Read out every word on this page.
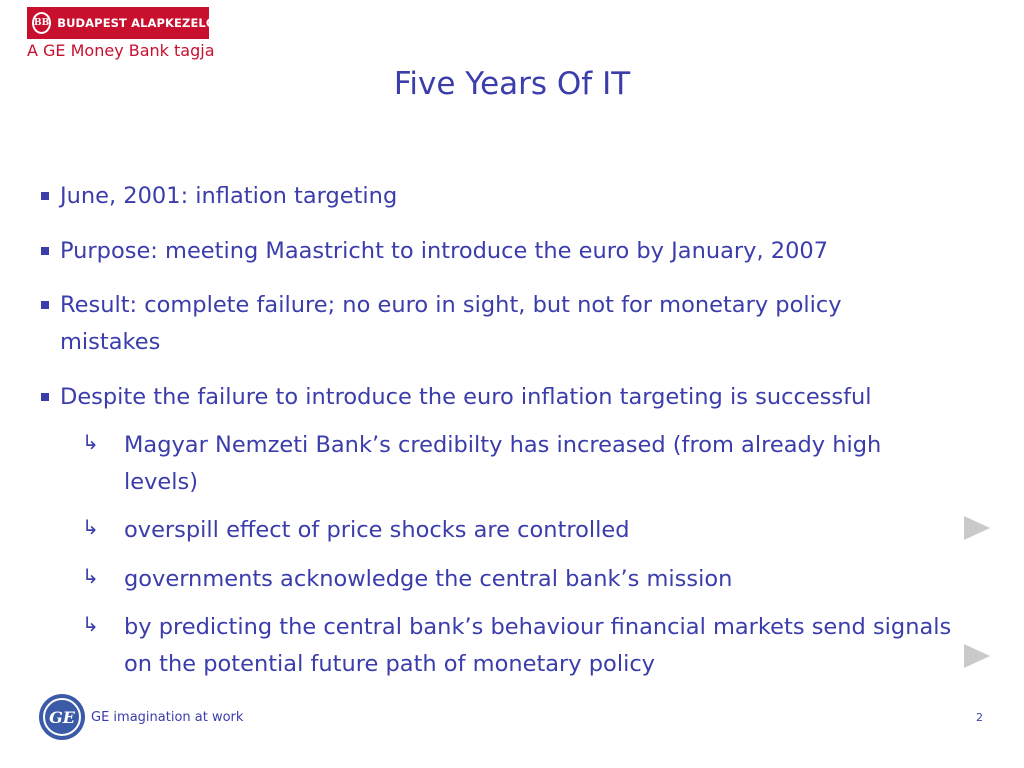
BB BUDAPEST ALAPKEZELŐ
A GE Money Bank tagja
Five Years Of IT
June, 2001: inflation targeting
Purpose: meeting Maastricht to introduce the euro by January, 2007
Result: complete failure; no euro in sight, but not for monetary policy mistakes
Despite the failure to introduce the euro inflation targeting is successful
↳ Magyar Nemzeti Bank’s credibilty has increased (from already high levels)
↳ overspill effect of price shocks are controlled
↳ governments acknowledge the central bank’s mission
↳ by predicting the central bank’s behaviour financial markets send signals on the potential future path of monetary policy
GE	GE imagination at work	2
